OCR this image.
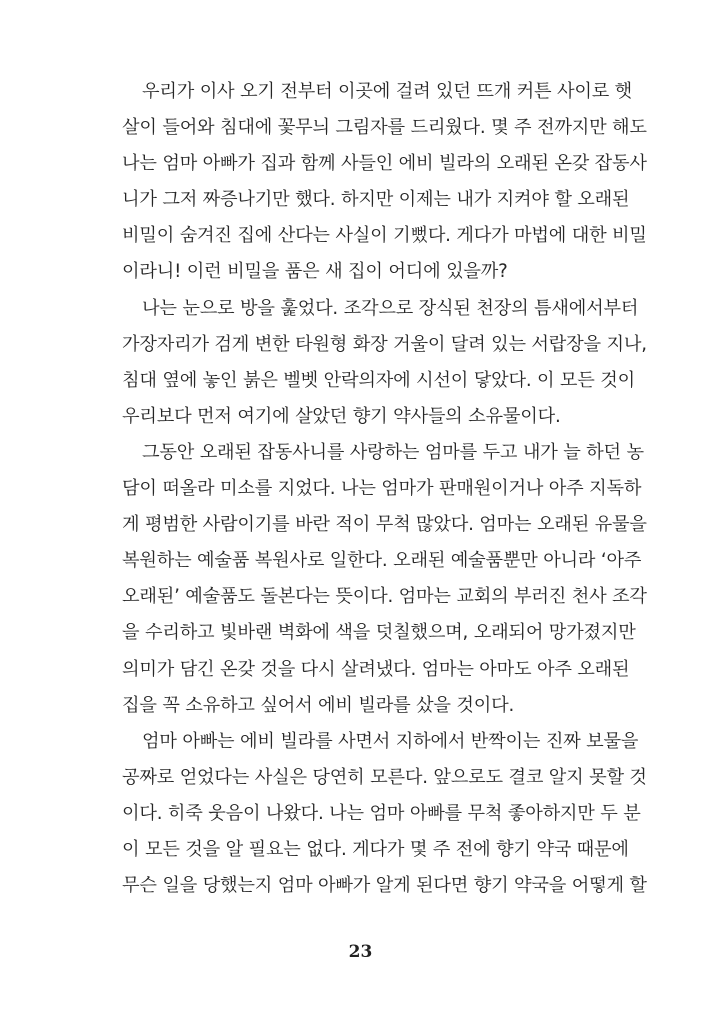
우리가 이사 오기 전부터 이곳에 걸려 있던 뜨개 커튼 사이로 햇
살이 들어와 침대에 꽃무늬 그림자를 드리웠다. 몇 주 전까지만 해도
나는 엄마 아빠가 집과 함께 사들인 에비 빌라의 오래된 온갖 잡동사
니가 그저 짜증나기만 했다. 하지만 이제는 내가 지켜야 할 오래된
비밀이 숨겨진 집에 산다는 사실이 기뻤다. 게다가 마법에 대한 비밀
이라니! 이런 비밀을 품은 새 집이 어디에 있을까?
나는 눈으로 방을 훑었다. 조각으로 장식된 천장의 틈새에서부터
가장자리가 검게 변한 타원형 화장 거울이 달려 있는 서랍장을 지나,
침대 옆에 놓인 붉은 벨벳 안락의자에 시선이 닿았다. 이 모든 것이
우리보다 먼저 여기에 살았던 향기 약사들의 소유물이다.
그동안 오래된 잡동사니를 사랑하는 엄마를 두고 내가 늘 하던 농
담이 떠올라 미소를 지었다. 나는 엄마가 판매원이거나 아주 지독하
게 평범한 사람이기를 바란 적이 무척 많았다. 엄마는 오래된 유물을
복원하는 예술품 복원사로 일한다. 오래된 예술품뿐만 아니라 ‘아주
오래된’ 예술품도 돌본다는 뜻이다. 엄마는 교회의 부러진 천사 조각
을 수리하고 빛바랜 벽화에 색을 덧칠했으며, 오래되어 망가졌지만
의미가 담긴 온갖 것을 다시 살려냈다. 엄마는 아마도 아주 오래된
집을 꼭 소유하고 싶어서 에비 빌라를 샀을 것이다.
엄마 아빠는 에비 빌라를 사면서 지하에서 반짝이는 진짜 보물을
공짜로 얻었다는 사실은 당연히 모른다. 앞으로도 결코 알지 못할 것
이다. 히죽 웃음이 나왔다. 나는 엄마 아빠를 무척 좋아하지만 두 분
이 모든 것을 알 필요는 없다. 게다가 몇 주 전에 향기 약국 때문에
무슨 일을 당했는지 엄마 아빠가 알게 된다면 향기 약국을 어떻게 할
23
